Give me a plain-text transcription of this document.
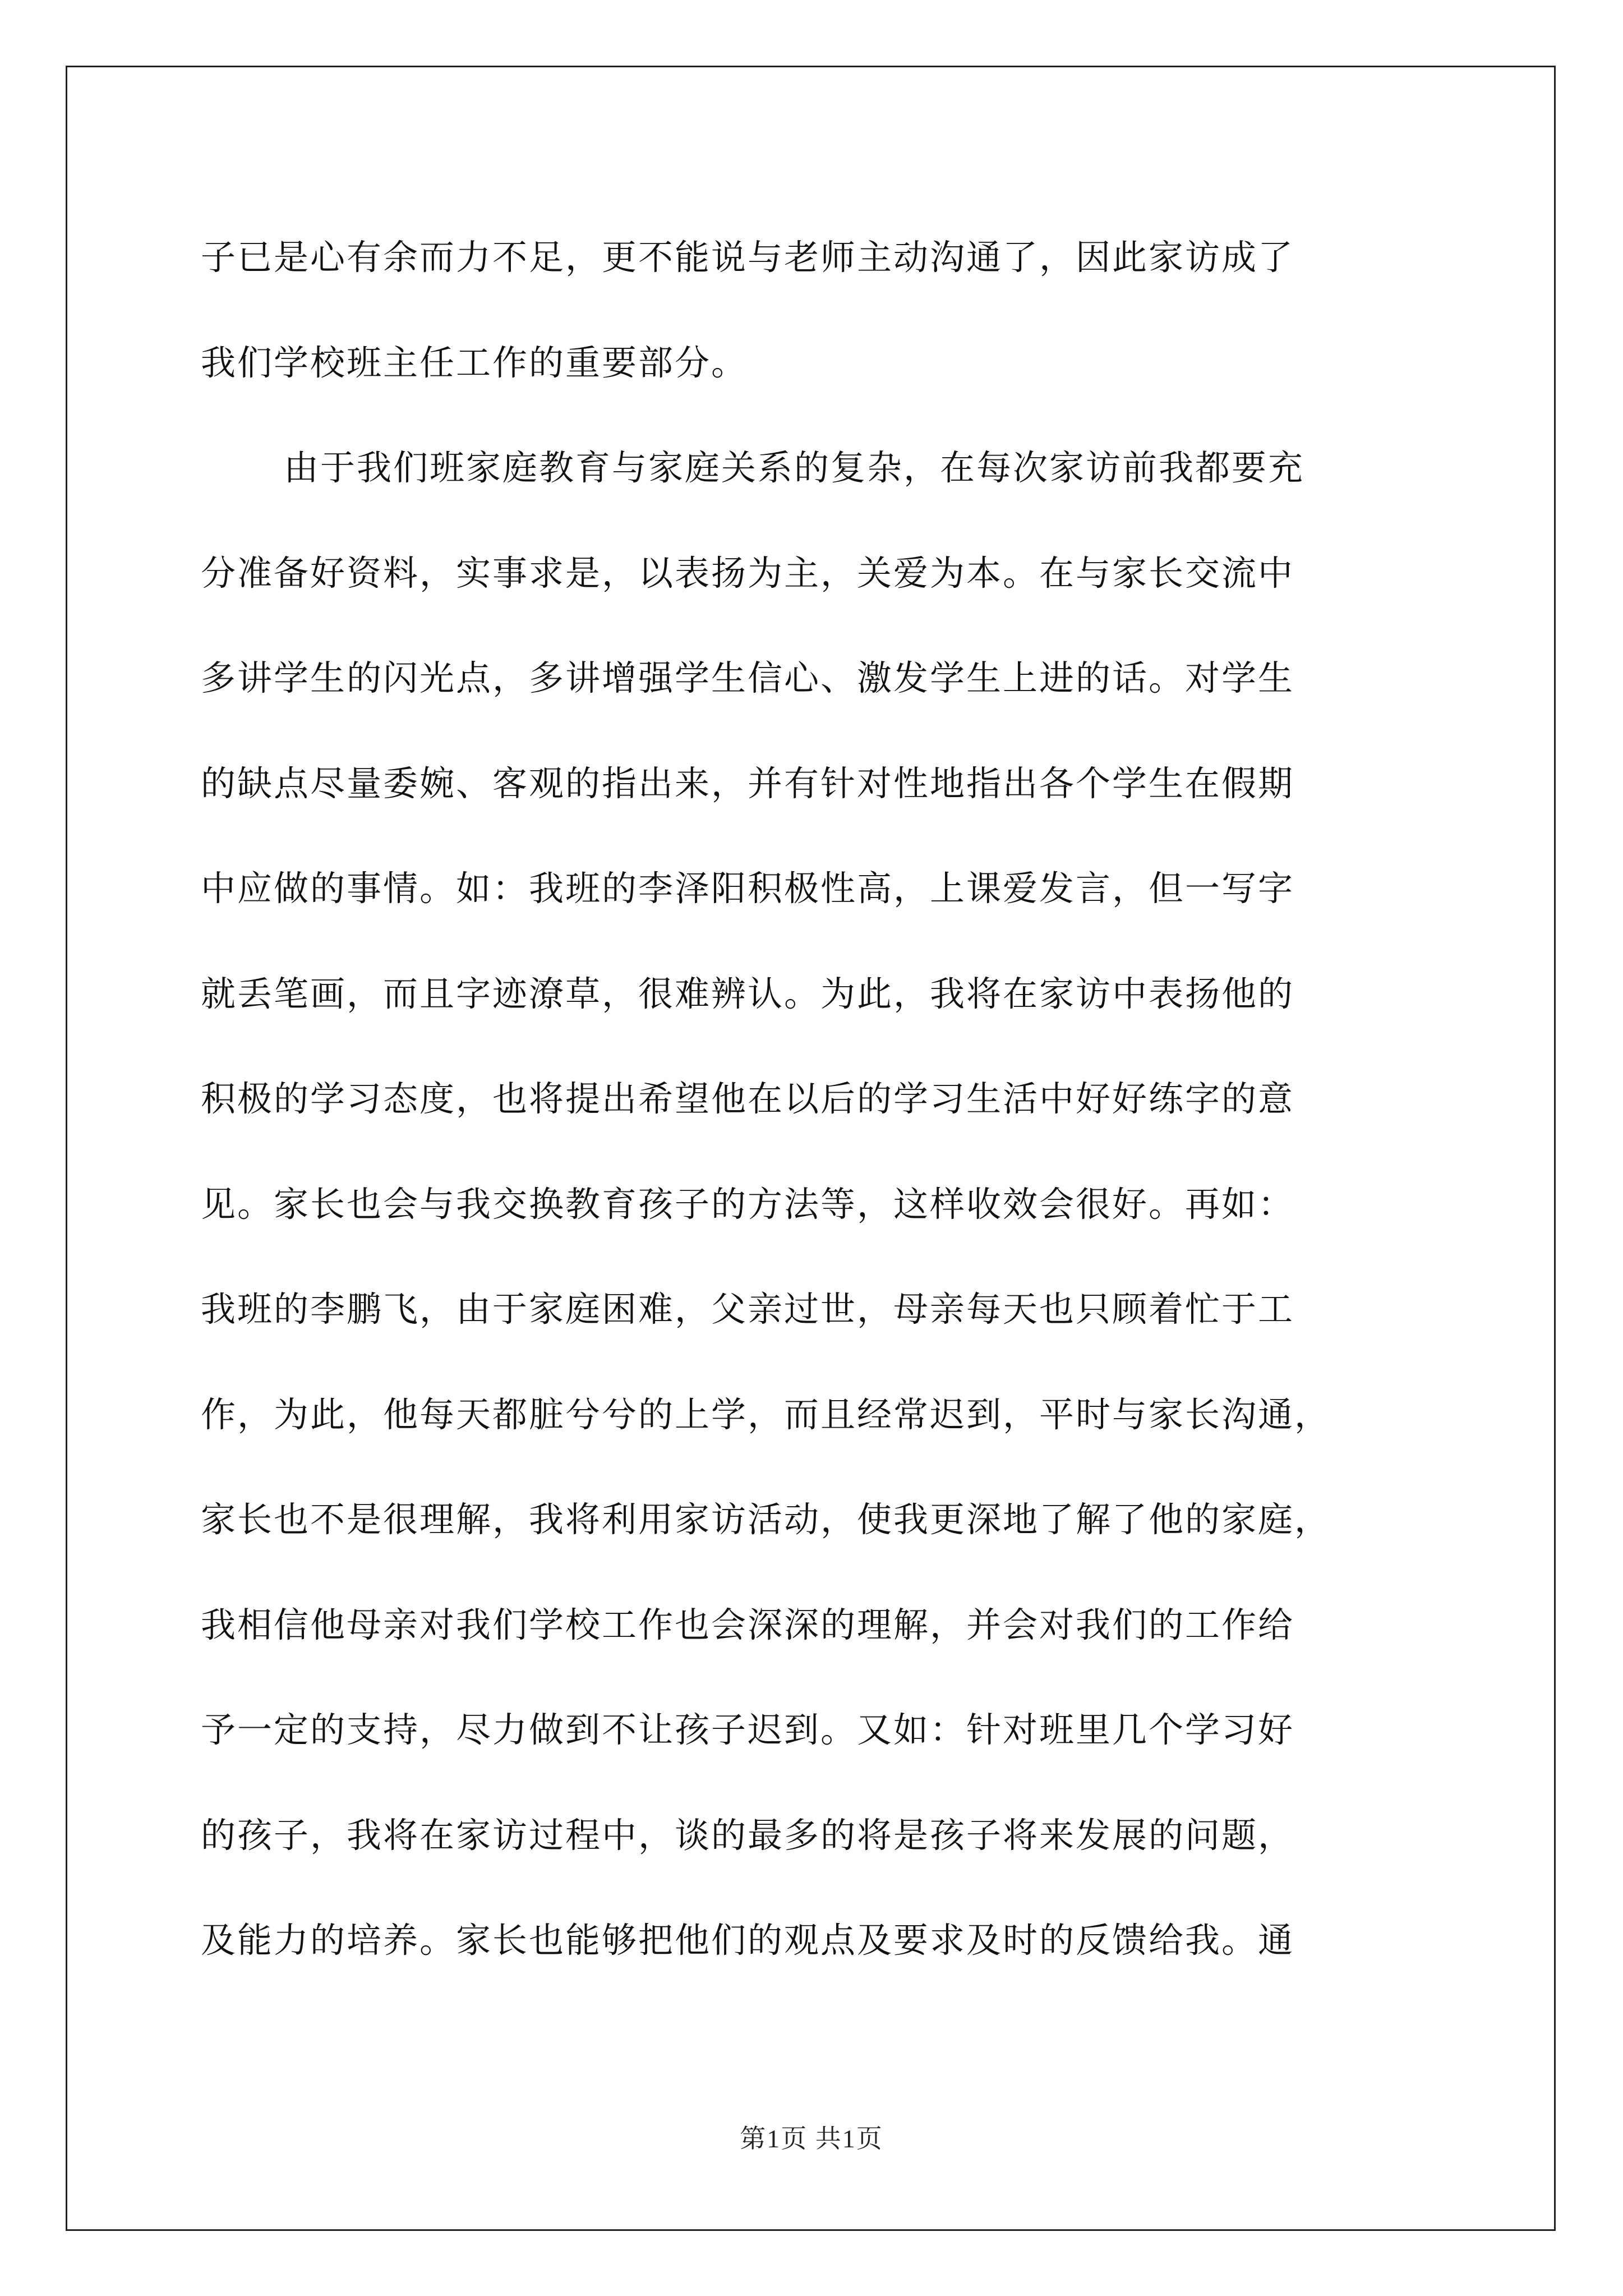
子已是心有余而力不足，更不能说与老师主动沟通了，因此家访成了
我们学校班主任工作的重要部分。
由于我们班家庭教育与家庭关系的复杂，在每次家访前我都要充
分准备好资料，实事求是，以表扬为主，关爱为本。在与家长交流中
多讲学生的闪光点，多讲增强学生信心、激发学生上进的话。对学生
的缺点尽量委婉、客观的指出来，并有针对性地指出各个学生在假期
中应做的事情。如：我班的李泽阳积极性高，上课爱发言，但一写字
就丢笔画，而且字迹潦草，很难辨认。为此，我将在家访中表扬他的
积极的学习态度，也将提出希望他在以后的学习生活中好好练字的意
见。家长也会与我交换教育孩子的方法等，这样收效会很好。再如：
我班的李鹏飞，由于家庭困难，父亲过世，母亲每天也只顾着忙于工
作，为此，他每天都脏兮兮的上学，而且经常迟到，平时与家长沟通，
家长也不是很理解，我将利用家访活动，使我更深地了解了他的家庭，
我相信他母亲对我们学校工作也会深深的理解，并会对我们的工作给
予一定的支持，尽力做到不让孩子迟到。又如：针对班里几个学习好
的孩子，我将在家访过程中，谈的最多的将是孩子将来发展的问题，
及能力的培养。家长也能够把他们的观点及要求及时的反馈给我。通
第1页 共1页
